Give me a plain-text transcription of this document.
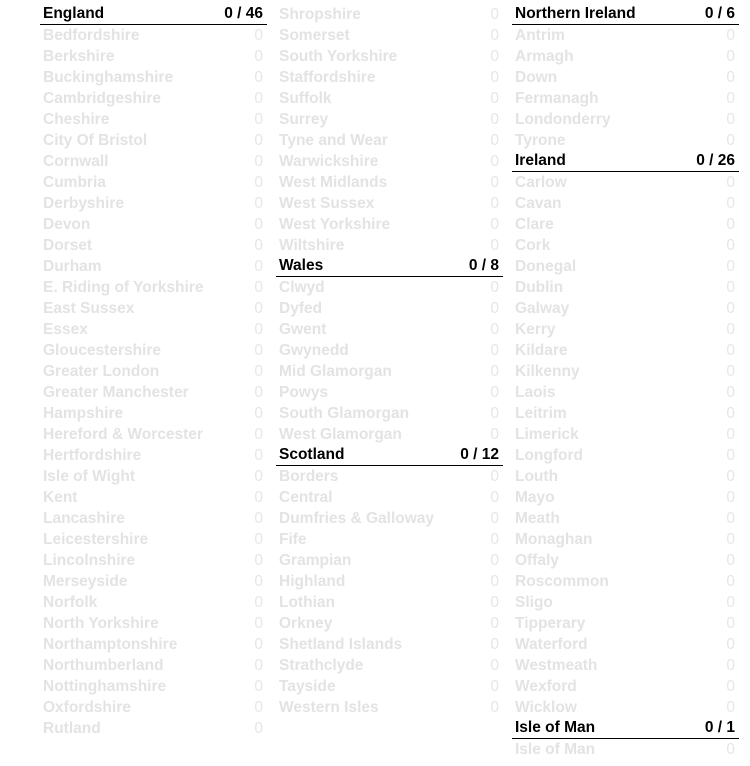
England	0 / 46
Bedfordshire	0
Berkshire	0
Buckinghamshire	0
Cambridgeshire	0
Cheshire	0
City Of Bristol	0
Cornwall	0
Cumbria	0
Derbyshire	0
Devon	0
Dorset	0
Durham	0
E. Riding of Yorkshire	0
East Sussex	0
Essex	0
Gloucestershire	0
Greater London	0
Greater Manchester	0
Hampshire	0
Hereford & Worcester	0
Hertfordshire	0
Isle of Wight	0
Kent	0
Lancashire	0
Leicestershire	0
Lincolnshire	0
Merseyside	0
Norfolk	0
North Yorkshire	0
Northamptonshire	0
Northumberland	0
Nottinghamshire	0
Oxfordshire	0
Rutland	0
Shropshire	0
Somerset	0
South Yorkshire	0
Staffordshire	0
Suffolk	0
Surrey	0
Tyne and Wear	0
Warwickshire	0
West Midlands	0
West Sussex	0
West Yorkshire	0
Wiltshire	0
Wales	0 / 8
Clwyd	0
Dyfed	0
Gwent	0
Gwynedd	0
Mid Glamorgan	0
Powys	0
South Glamorgan	0
West Glamorgan	0
Scotland	0 / 12
Borders	0
Central	0
Dumfries & Galloway	0
Fife	0
Grampian	0
Highland	0
Lothian	0
Orkney	0
Shetland Islands	0
Strathclyde	0
Tayside	0
Western Isles	0
Northern Ireland	0 / 6
Antrim	0
Armagh	0
Down	0
Fermanagh	0
Londonderry	0
Tyrone	0
Ireland	0 / 26
Carlow	0
Cavan	0
Clare	0
Cork	0
Donegal	0
Dublin	0
Galway	0
Kerry	0
Kildare	0
Kilkenny	0
Laois	0
Leitrim	0
Limerick	0
Longford	0
Louth	0
Mayo	0
Meath	0
Monaghan	0
Offaly	0
Roscommon	0
Sligo	0
Tipperary	0
Waterford	0
Westmeath	0
Wexford	0
Wicklow	0
Isle of Man	0 / 1
Isle of Man	0
